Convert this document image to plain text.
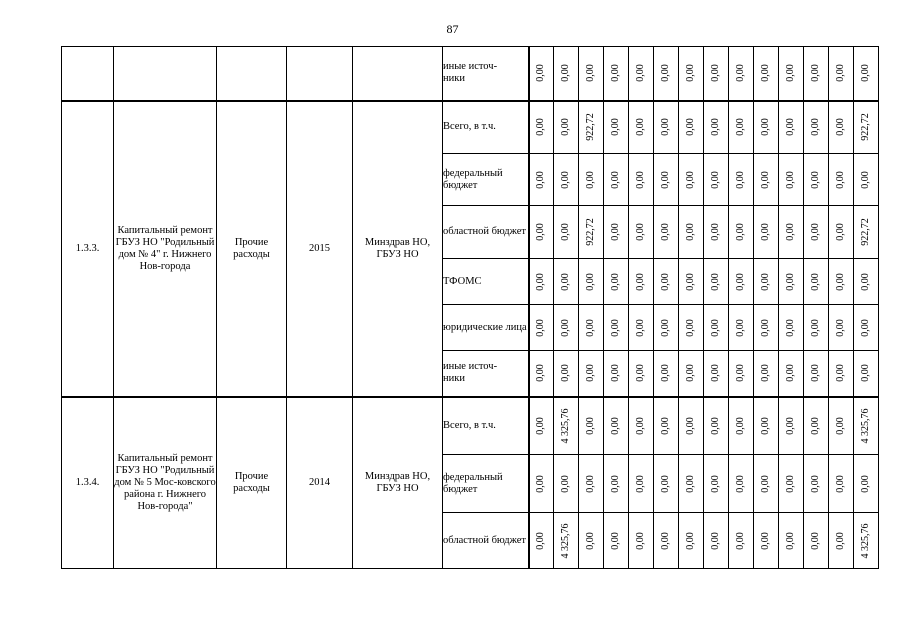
87
					иные источ-
ники	0,00	0,00	0,00	0,00	0,00	0,00	0,00	0,00	0,00	0,00	0,00	0,00	0,00	0,00

1.3.3.	Капитальный ремонт ГБУЗ НО "Родильный дом № 4" г. Нижнего Нов-города	Прочие расходы	2015	Минздрав НО, ГБУЗ НО	Всего, в т.ч.	0,00	0,00	922,72	0,00	0,00	0,00	0,00	0,00	0,00	0,00	0,00	0,00	0,00	922,72

					федеральный бюджет	0,00	0,00	0,00	0,00	0,00	0,00	0,00	0,00	0,00	0,00	0,00	0,00	0,00	0,00

					областной бюджет	0,00	0,00	922,72	0,00	0,00	0,00	0,00	0,00	0,00	0,00	0,00	0,00	0,00	922,72

					ТФОМС	0,00	0,00	0,00	0,00	0,00	0,00	0,00	0,00	0,00	0,00	0,00	0,00	0,00	0,00

					юридические лица	0,00	0,00	0,00	0,00	0,00	0,00	0,00	0,00	0,00	0,00	0,00	0,00	0,00	0,00

					иные источ-
ники	0,00	0,00	0,00	0,00	0,00	0,00	0,00	0,00	0,00	0,00	0,00	0,00	0,00	0,00

1.3.4.	Капитальный ремонт ГБУЗ НО "Родильный дом № 5 Мос-ковского района г. Нижнего Нов-города"	Прочие расходы	2014	Минздрав НО, ГБУЗ НО	Всего, в т.ч.	0,00	4 325,76	0,00	0,00	0,00	0,00	0,00	0,00	0,00	0,00	0,00	0,00	0,00	4 325,76

					федеральный бюджет	0,00	0,00	0,00	0,00	0,00	0,00	0,00	0,00	0,00	0,00	0,00	0,00	0,00	0,00

					областной бюджет	0,00	4 325,76	0,00	0,00	0,00	0,00	0,00	0,00	0,00	0,00	0,00	0,00	0,00	4 325,76
